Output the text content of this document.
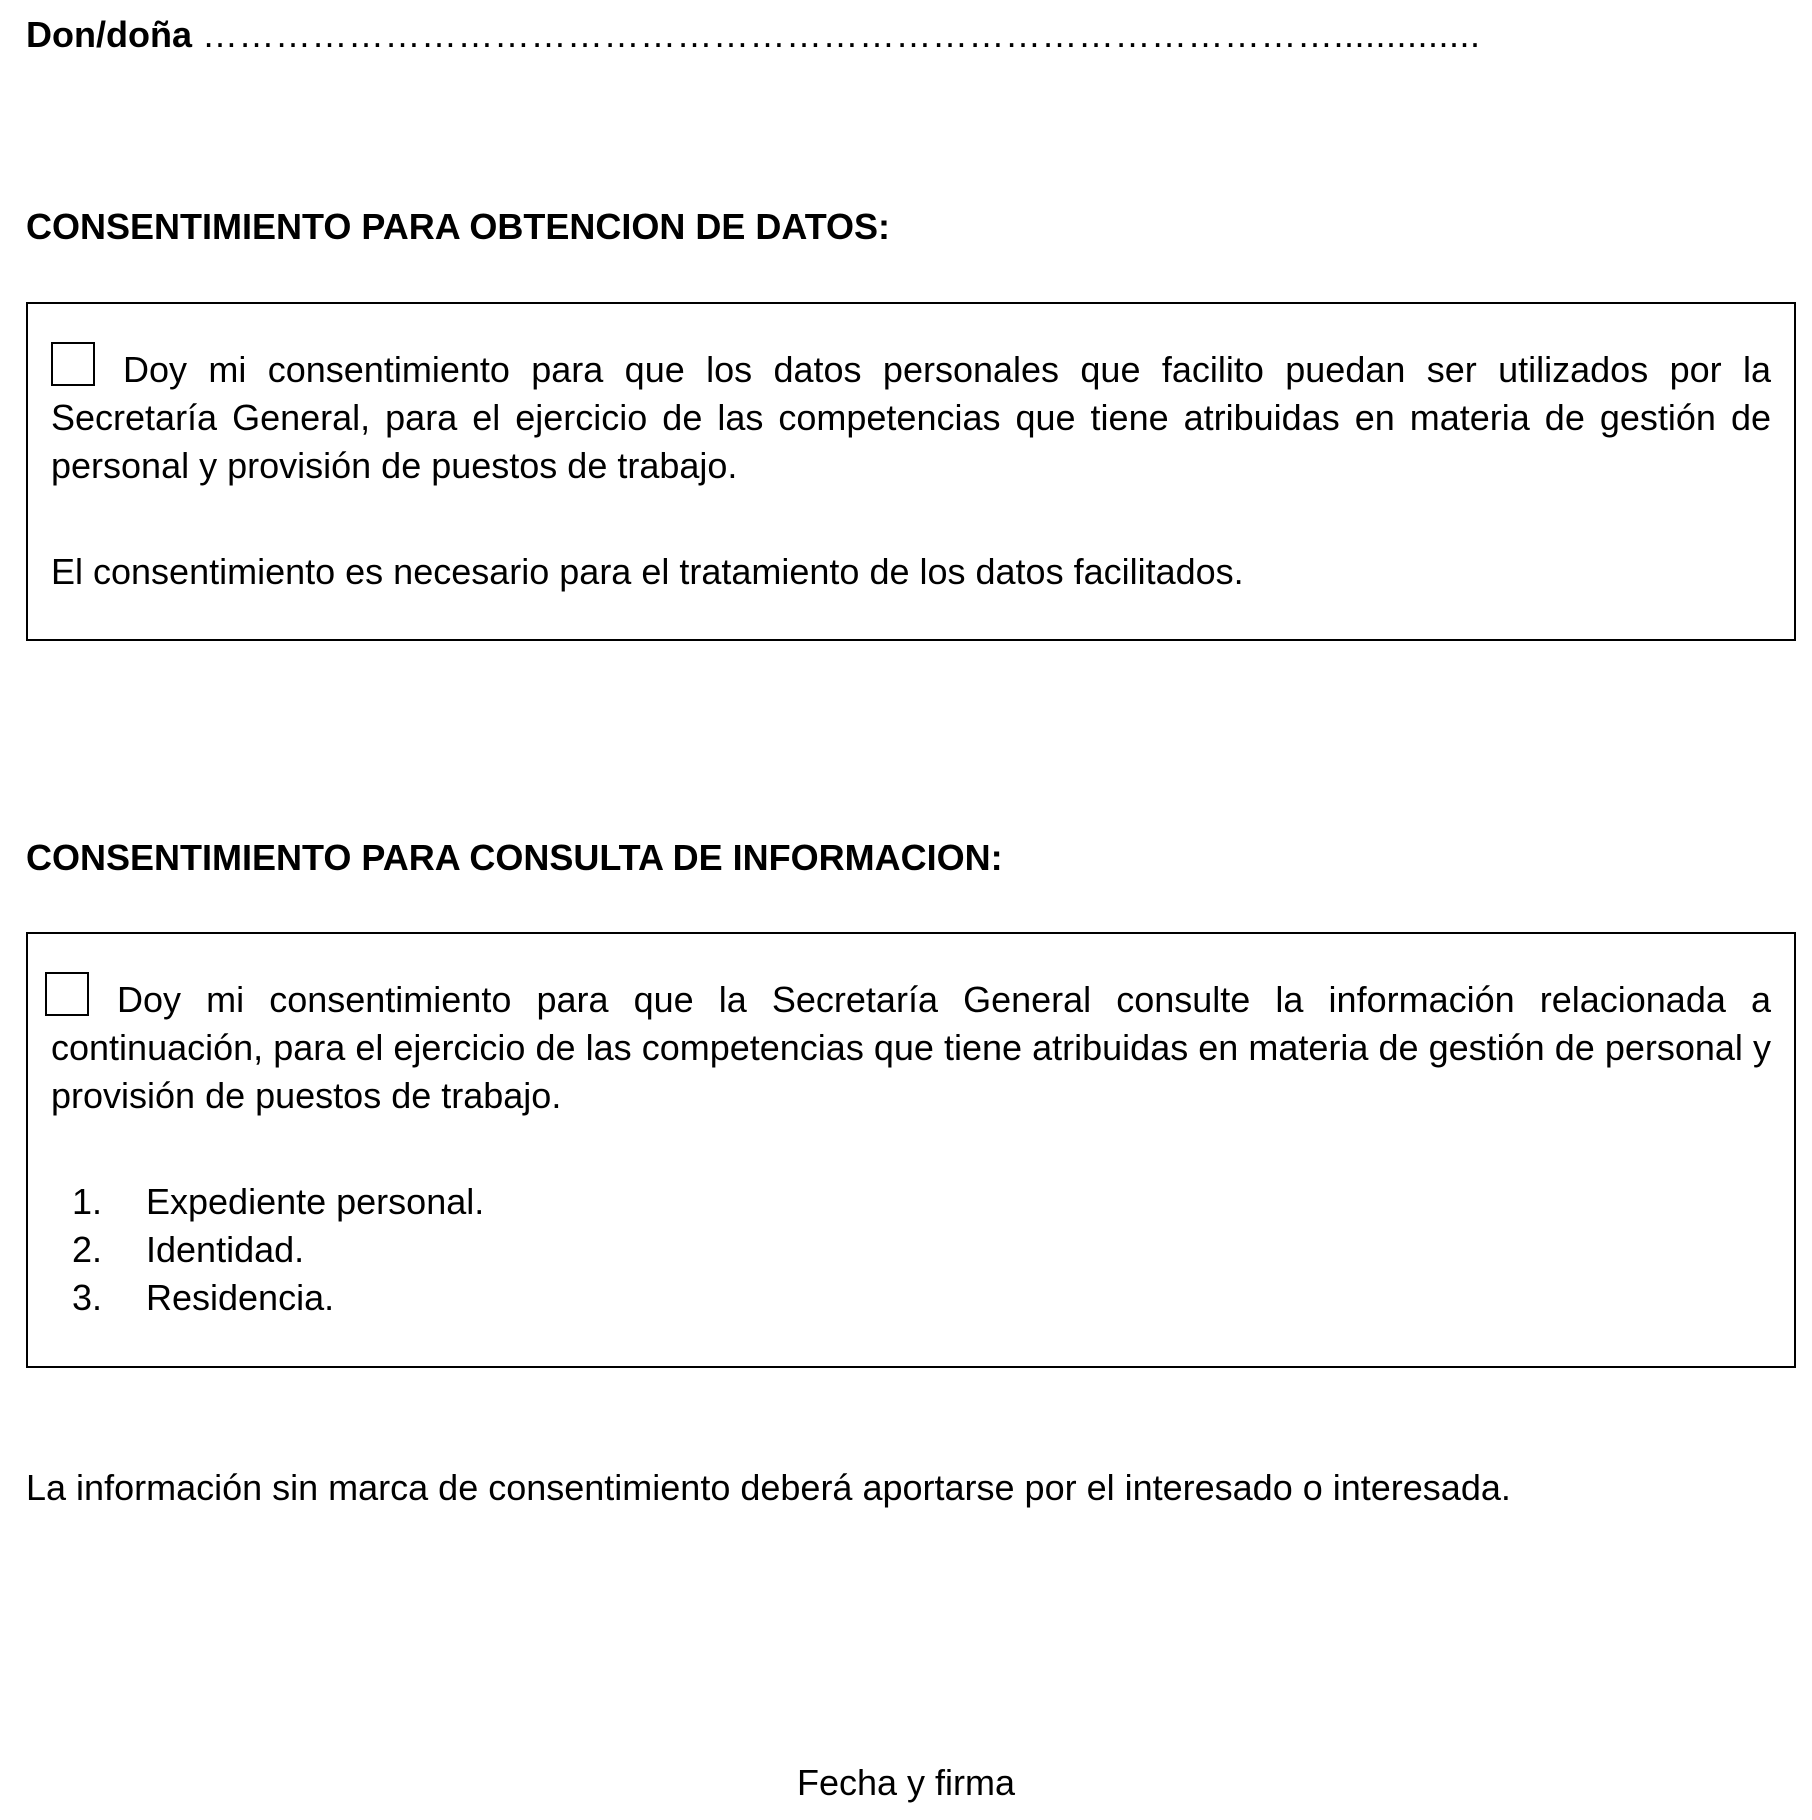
Don/doña …………………………………………………………………………………..............
CONSENTIMIENTO PARA OBTENCION DE DATOS:
Doy mi consentimiento para que los datos personales que facilito puedan ser utilizados por la Secretaría General, para el ejercicio de las competencias que tiene atribuidas en materia de gestión de personal y provisión de puestos de trabajo.
El consentimiento es necesario para el tratamiento de los datos facilitados.
CONSENTIMIENTO PARA CONSULTA DE INFORMACION:
Doy mi consentimiento para que la Secretaría General consulte la información relacionada a continuación, para el ejercicio de las competencias que tiene atribuidas en materia de gestión de personal y provisión de puestos de trabajo.
1. Expediente personal.
2. Identidad.
3. Residencia.
La información sin marca de consentimiento deberá aportarse por el interesado o interesada.
Fecha y firma
